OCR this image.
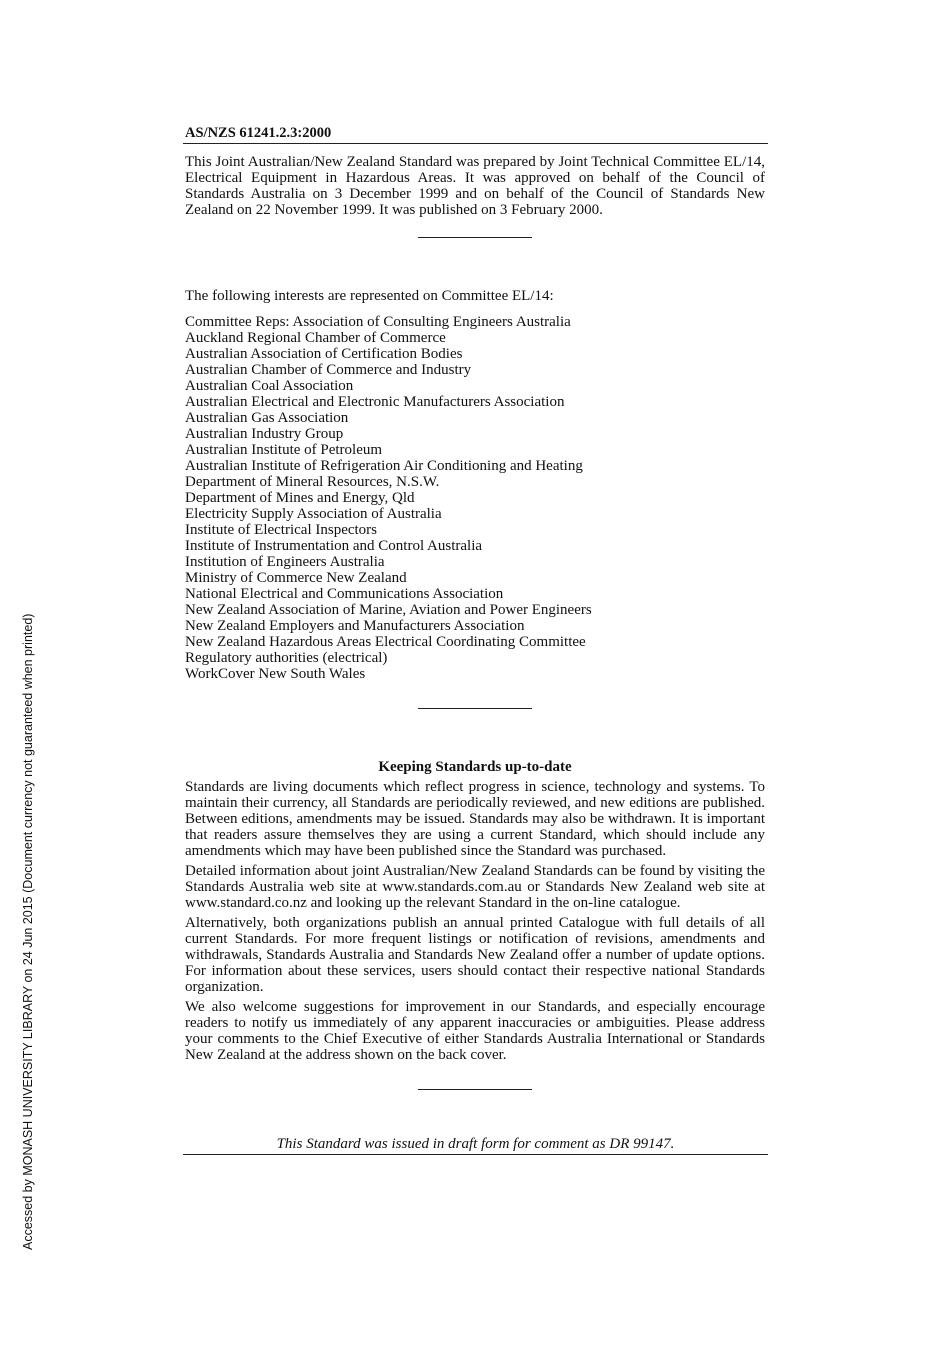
AS/NZS 61241.2.3:2000

This Joint Australian/New Zealand Standard was prepared by Joint Technical Committee EL/14, Electrical Equipment in Hazardous Areas. It was approved on behalf of the Council of Standards Australia on 3 December 1999 and on behalf of the Council of Standards New Zealand on 22 November 1999. It was published on 3 February 2000.

The following interests are represented on Committee EL/14:

Committee Reps: Association of Consulting Engineers Australia
Auckland Regional Chamber of Commerce
Australian Association of Certification Bodies
Australian Chamber of Commerce and Industry
Australian Coal Association
Australian Electrical and Electronic Manufacturers Association
Australian Gas Association
Australian Industry Group
Australian Institute of Petroleum
Australian Institute of Refrigeration Air Conditioning and Heating
Department of Mineral Resources, N.S.W.
Department of Mines and Energy, Qld
Electricity Supply Association of Australia
Institute of Electrical Inspectors
Institute of Instrumentation and Control Australia
Institution of Engineers Australia
Ministry of Commerce New Zealand
National Electrical and Communications Association
New Zealand Association of Marine, Aviation and Power Engineers
New Zealand Employers and Manufacturers Association
New Zealand Hazardous Areas Electrical Coordinating Committee
Regulatory authorities (electrical)
WorkCover New South Wales
Keeping Standards up-to-date

Standards are living documents which reflect progress in science, technology and systems. To maintain their currency, all Standards are periodically reviewed, and new editions are published. Between editions, amendments may be issued. Standards may also be withdrawn. It is important that readers assure themselves they are using a current Standard, which should include any amendments which may have been published since the Standard was purchased.

Detailed information about joint Australian/New Zealand Standards can be found by visiting the Standards Australia web site at www.standards.com.au or Standards New Zealand web site at www.standard.co.nz and looking up the relevant Standard in the on-line catalogue.

Alternatively, both organizations publish an annual printed Catalogue with full details of all current Standards. For more frequent listings or notification of revisions, amendments and withdrawals, Standards Australia and Standards New Zealand offer a number of update options. For information about these services, users should contact their respective national Standards organization.

We also welcome suggestions for improvement in our Standards, and especially encourage readers to notify us immediately of any apparent inaccuracies or ambiguities. Please address your comments to the Chief Executive of either Standards Australia International or Standards New Zealand at the address shown on the back cover.

This Standard was issued in draft form for comment as DR 99147.
Accessed by MONASH UNIVERSITY LIBRARY on 24 Jun 2015 (Document currency not guaranteed when printed)
